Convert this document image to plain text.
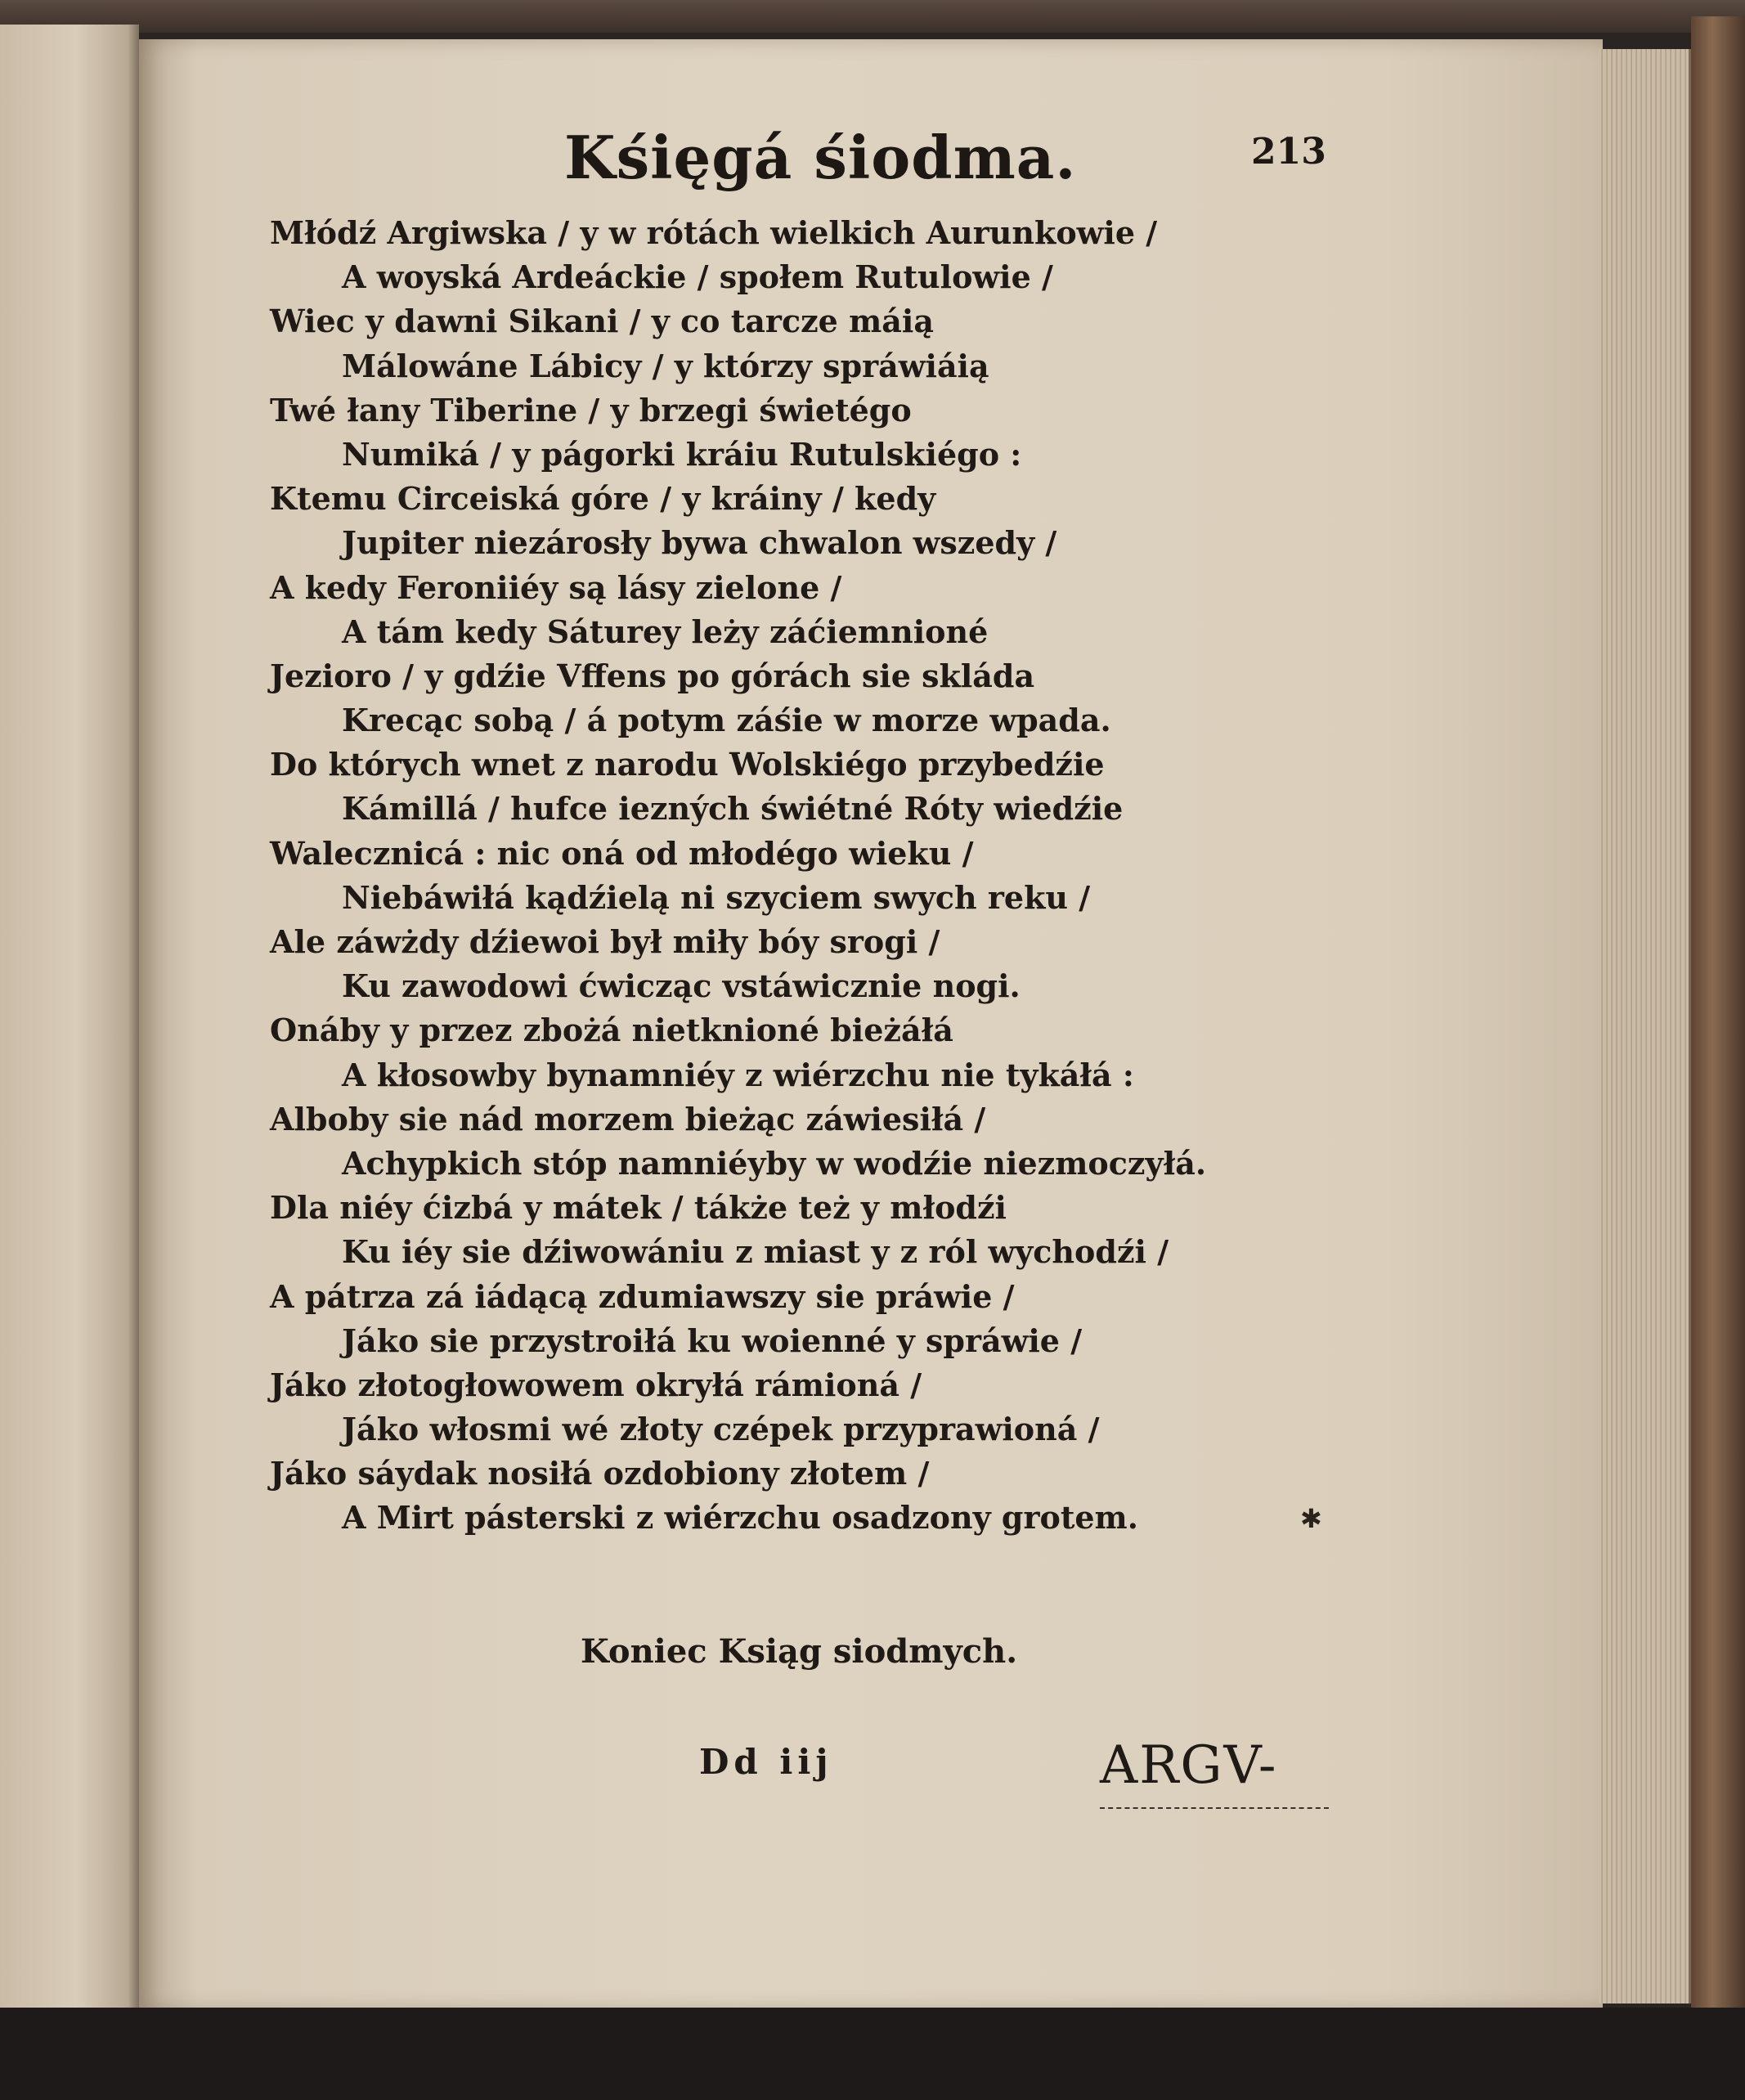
Kśięgá śiodma.	213
Młódź Argiwska / y w rótách wielkich Aurunkowie /
A woyská Ardeáckie / społem Rutulowie /
Wiec y dawni Sikani / y co tarcze máią
Málowáne Lábicy / y którzy spráwiáią
Twé łany Tiberine / y brzegi świetégo
Numiká / y págorki kráiu Rutulskiégo :
Ktemu Circeiská góre / y kráiny / kedy
Jupiter niezárosły bywa chwalon wszedy /
A kedy Feroniiéy są lásy zielone /
A tám kedy Sáturey leży záćiemnioné
Jezioro / y gdźie Vffens po górách sie skláda
Krecąc sobą / á potym záśie w morze wpada.
Do których wnet z narodu Wolskiégo przybedźie
Kámillá / hufce iezných świétné Róty wiedźie
Walecznicá : nic oná od młodégo wieku /
Niebáwiłá kądźielą ni szyciem swych reku /
Ale záwżdy dźiewoi był miły bóy srogi /
Ku zawodowi ćwicząc vstáwicznie nogi.
Onáby y przez zbożá nietknioné bieżáłá
A kłosowby bynamniéy z wiérzchu nie tykáłá :
Alboby sie nád morzem bieżąc záwiesiłá /
Achypkich stóp namniéyby w wodźie niezmoczyłá.
Dla niéy ćizbá y mátek / tákże też y młodźi
Ku iéy sie dźiwowániu z miast y z ról wychodźi /
A pátrza zá iádącą zdumiawszy sie práwie /
Jáko sie przystroiłá ku woienné y spráwie /
Jáko złotogłowowem okryłá rámioná /
Jáko włosmi wé złoty czépek przyprawioná /
Jáko sáydak nosiłá ozdobiony złotem /
A Mirt pásterski z wiérzchu osadzony grotem.	✱
Koniec Ksiąg siodmych.
Dd iij	ARGV-
